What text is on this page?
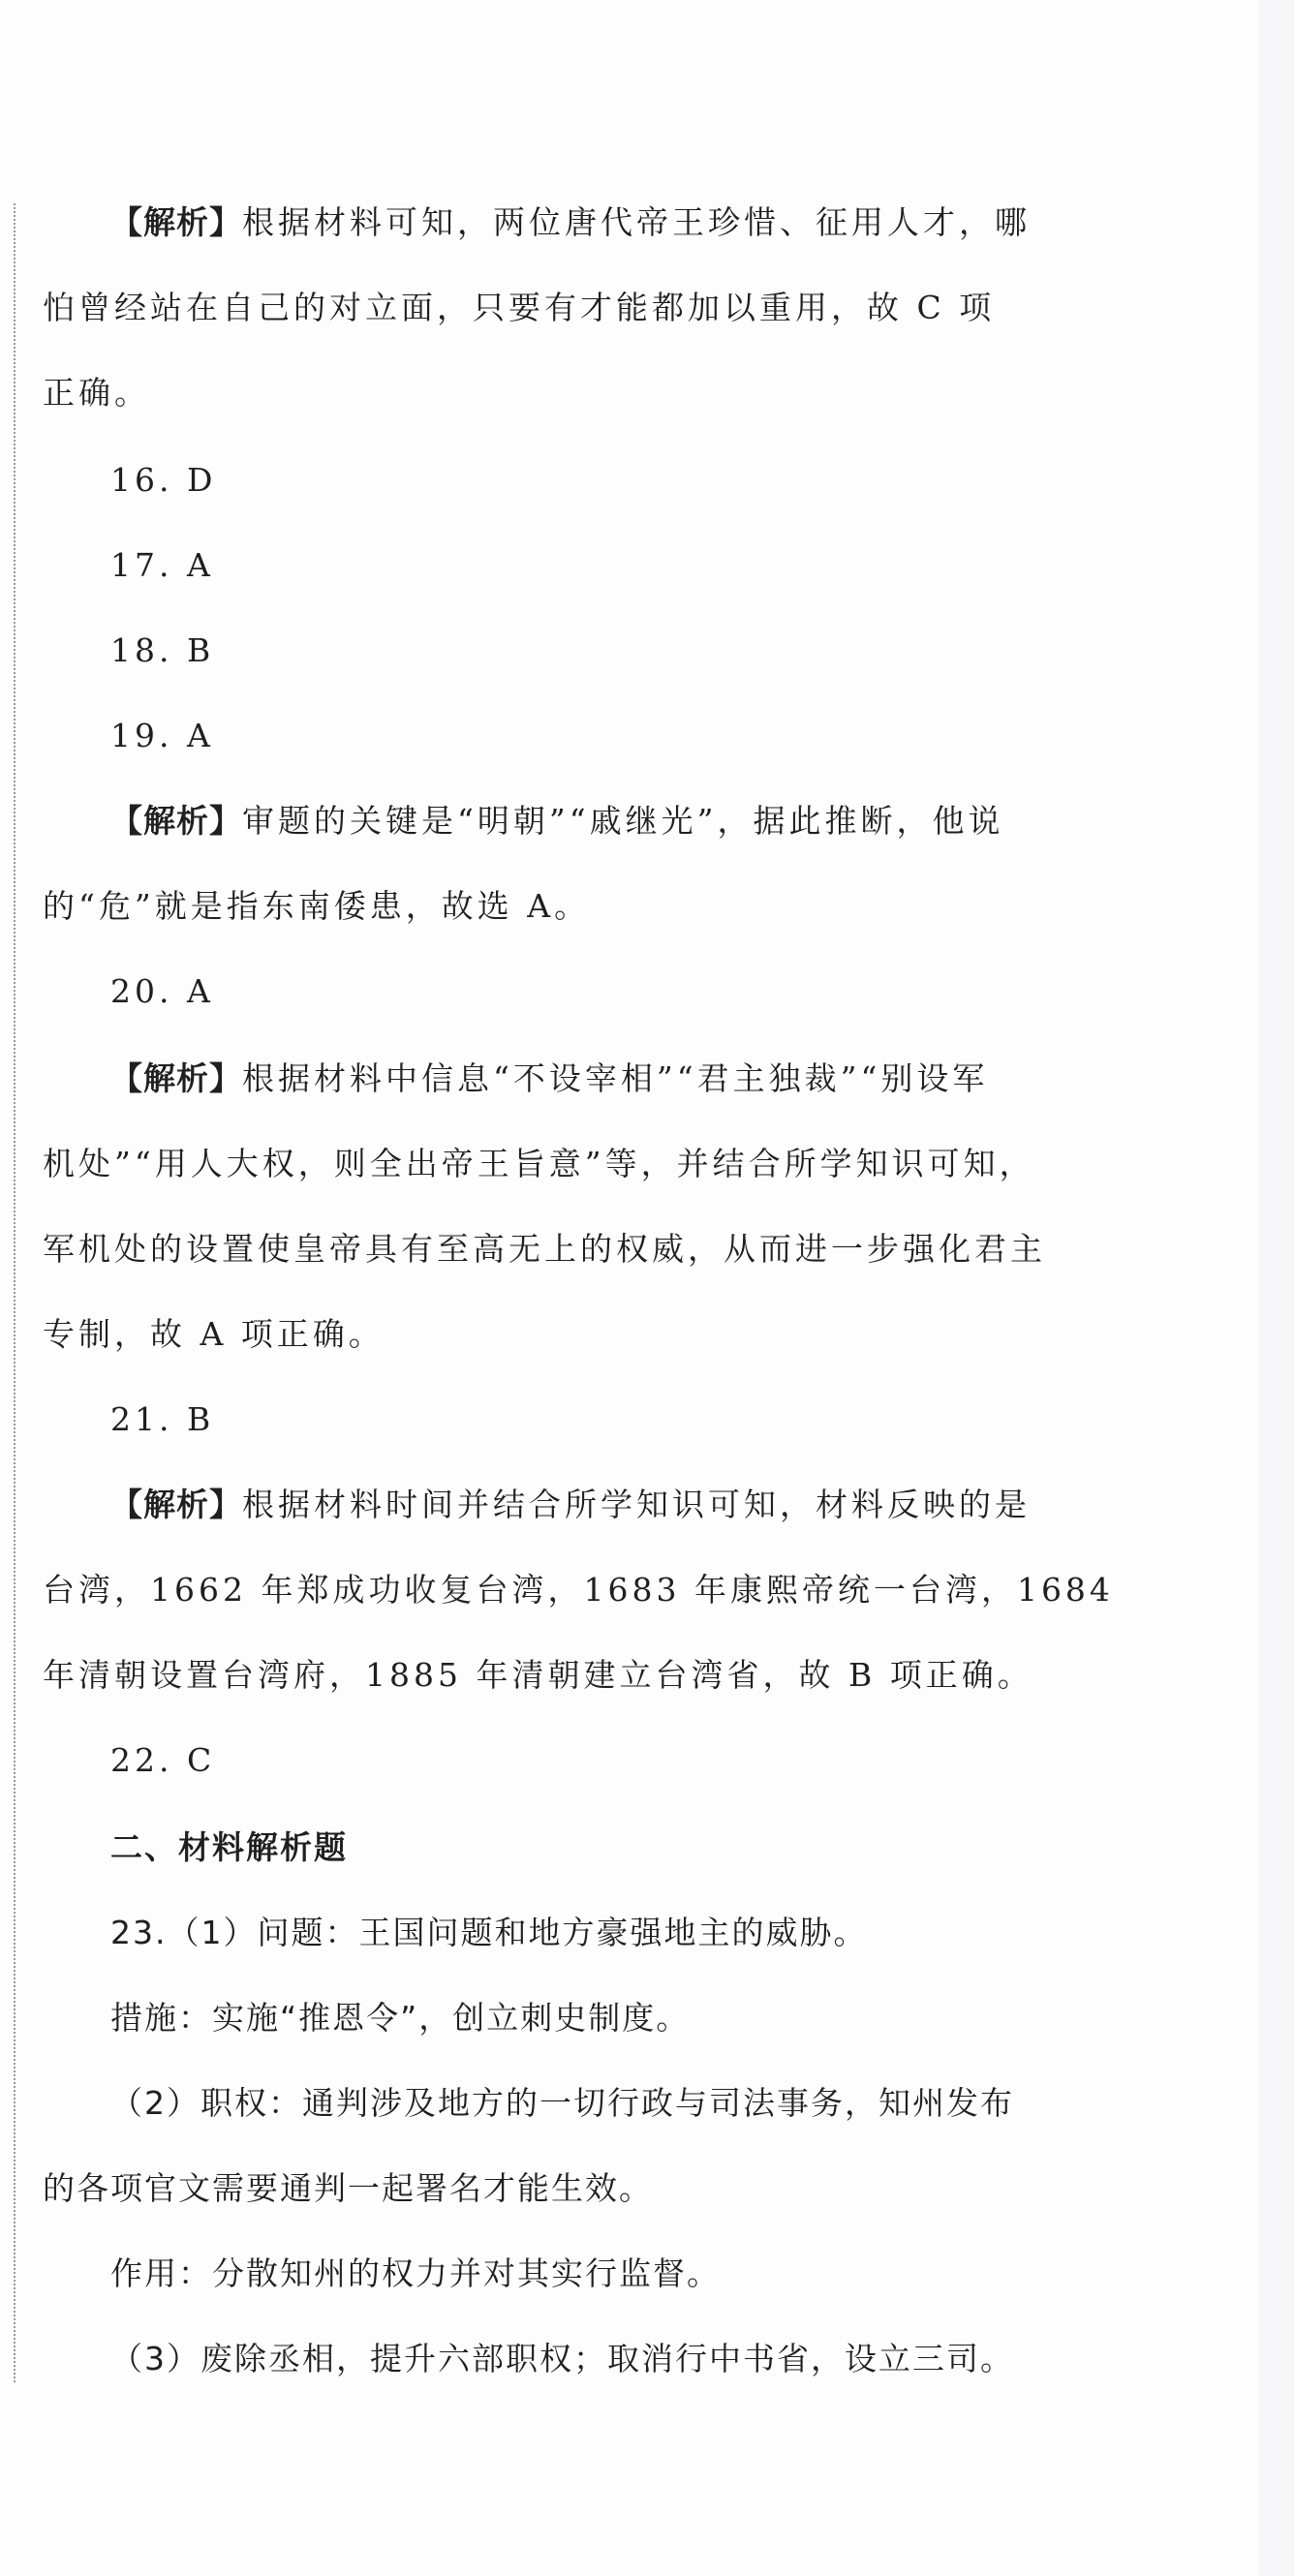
【解析】根据材料可知，两位唐代帝王珍惜、征用人才，哪
怕曾经站在自己的对立面，只要有才能都加以重用，故 C 项
正确。
16. D
17. A
18. B
19. A
【解析】审题的关键是“明朝”“戚继光”，据此推断，他说
的“危”就是指东南倭患，故选 A。
20. A
【解析】根据材料中信息“不设宰相”“君主独裁”“别设军
机处”“用人大权，则全出帝王旨意”等，并结合所学知识可知，
军机处的设置使皇帝具有至高无上的权威，从而进一步强化君主
专制，故 A 项正确。
21. B
【解析】根据材料时间并结合所学知识可知，材料反映的是
台湾，1662 年郑成功收复台湾，1683 年康熙帝统一台湾，1684
年清朝设置台湾府，1885 年清朝建立台湾省，故 B 项正确。
22. C
二、材料解析题
23.（1）问题：王国问题和地方豪强地主的威胁。
措施：实施“推恩令”，创立刺史制度。
（2）职权：通判涉及地方的一切行政与司法事务，知州发布
的各项官文需要通判一起署名才能生效。
作用：分散知州的权力并对其实行监督。
（3）废除丞相，提升六部职权；取消行中书省，设立三司。
